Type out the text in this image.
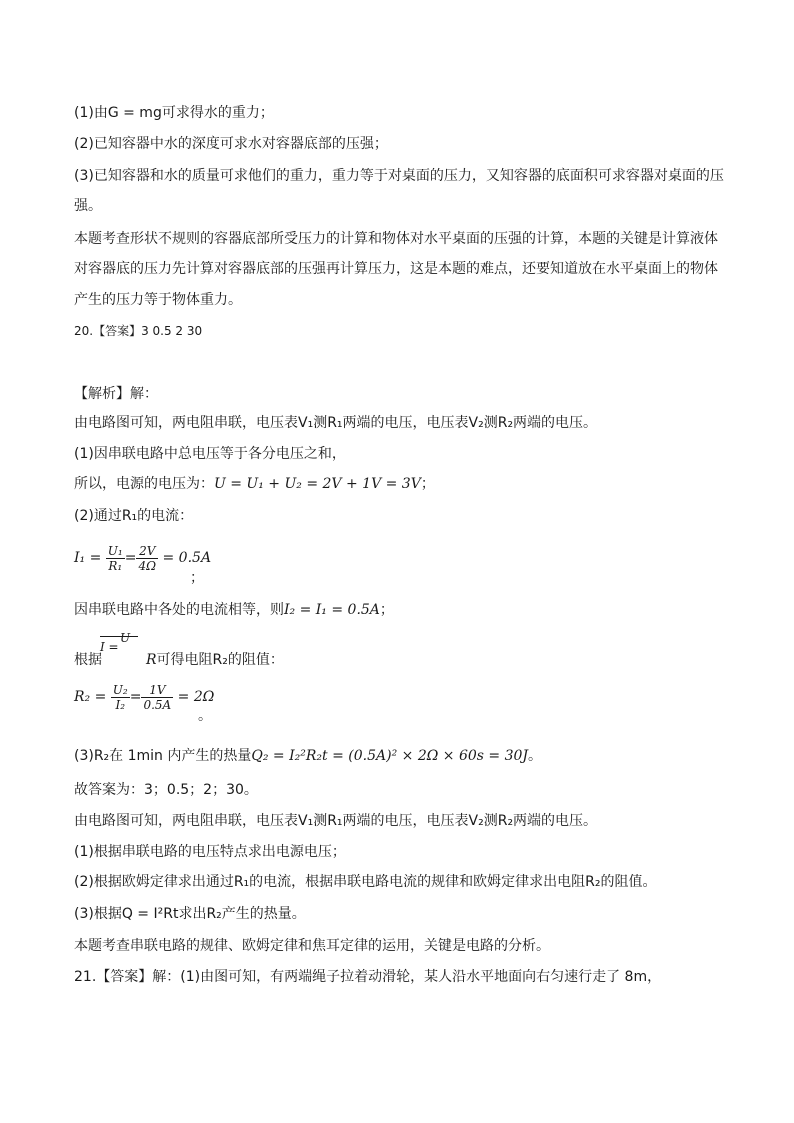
(1)由G = mg可求得水的重力；
(2)已知容器中水的深度可求水对容器底部的压强；
(3)已知容器和水的质量可求他们的重力，重力等于对桌面的压力，又知容器的底面积可求容器对桌面的压
强。
本题考查形状不规则的容器底部所受压力的计算和物体对水平桌面的压强的计算，本题的关键是计算液体
对容器底的压力先计算对容器底部的压强再计算压力，这是本题的难点，还要知道放在水平桌面上的物体
产生的压力等于物体重力。
20.【答案】3 0.5 2 30
【解析】解：
由电路图可知，两电阻串联，电压表V₁测R₁两端的电压，电压表V₂测R₂两端的电压。
(1)因串联电路中总电压等于各分电压之和，
所以，电源的电压为：U = U₁ + U₂ = 2V + 1V = 3V；
(2)通过R₁的电流：
$I_1 = \frac{\text{U₁}}{\text{R₁}} = \frac{2V}{4\Omega} = 0.5A$
；
因串联电路中各处的电流相等，则I₂ = I₁ = 0.5A；
U
I =
根据	R可得电阻R₂的阻值：
$R_2 = \frac{\text{U₂}}{\text{I₂}} = \frac{1V}{0.5A} = 2\Omega$
。
(3)R₂在 1min 内产生的热量Q₂ = I₂²R₂t = (0.5A)² × 2Ω × 60s = 30J。
故答案为：3；0.5；2；30。
由电路图可知，两电阻串联，电压表V₁测R₁两端的电压，电压表V₂测R₂两端的电压。
(1)根据串联电路的电压特点求出电源电压；
(2)根据欧姆定律求出通过R₁的电流，根据串联电路电流的规律和欧姆定律求出电阻R₂的阻值。
(3)根据Q = I²Rt求出R₂产生的热量。
本题考查串联电路的规律、欧姆定律和焦耳定律的运用，关键是电路的分析。
21.【答案】解：(1)由图可知，有两端绳子拉着动滑轮，某人沿水平地面向右匀速行走了 8m，
